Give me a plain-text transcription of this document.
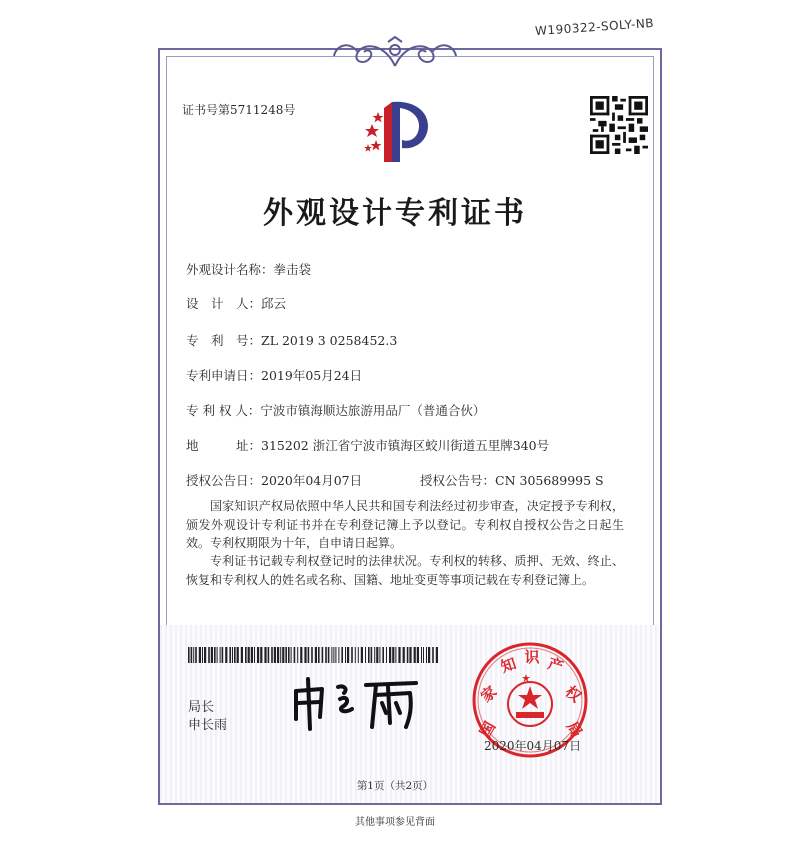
W190322-SOLY-NB
证书号第5711248号
外观设计专利证书
外观设计名称：拳击袋
设　计　人：邱云
专　利　号：ZL 2019 3 0258452.3
专利申请日：2019年05月24日
专 利 权 人：宁波市镇海顺达旅游用品厂（普通合伙）
地　　　址：315202 浙江省宁波市镇海区蛟川街道五里牌340号
授权公告日：2020年04月07日	授权公告号：CN 305689995 S
国家知识产权局依照中华人民共和国专利法经过初步审查，决定授予专利权，颁发外观设计专利证书并在专利登记簿上予以登记。专利权自授权公告之日起生效。专利权期限为十年，自申请日起算。
专利证书记载专利权登记时的法律状况。专利权的转移、质押、无效、终止、恢复和专利权人的姓名或名称、国籍、地址变更等事项记载在专利登记簿上。
局长
申长雨	国
家
知 识 产
权
局
2020年04月07日
第1页（共2页）
其他事项参见背面
